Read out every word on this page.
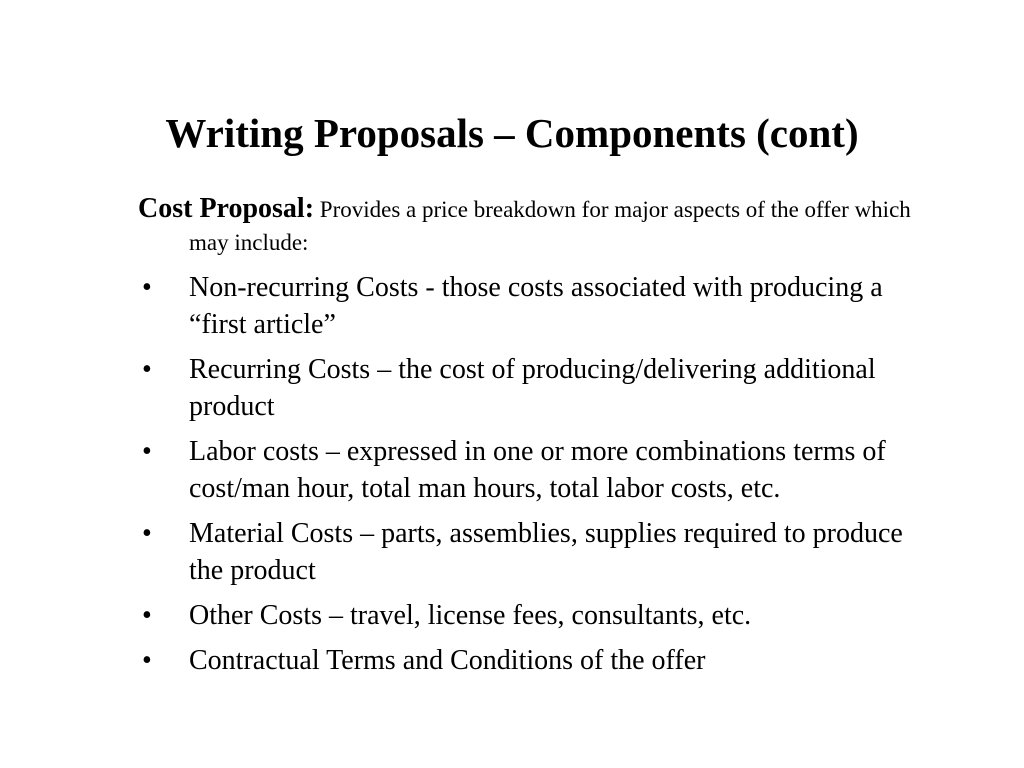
Writing Proposals – Components (cont)

Cost Proposal: Provides a price breakdown for major aspects of the offer which may include:

• Non-recurring Costs - those costs associated with producing a “first article”
• Recurring Costs – the cost of producing/delivering additional product
• Labor costs – expressed in one or more combinations terms of cost/man hour, total man hours, total labor costs, etc.
• Material Costs – parts, assemblies, supplies required to produce the product
• Other Costs – travel, license fees, consultants, etc.
• Contractual Terms and Conditions of the offer
